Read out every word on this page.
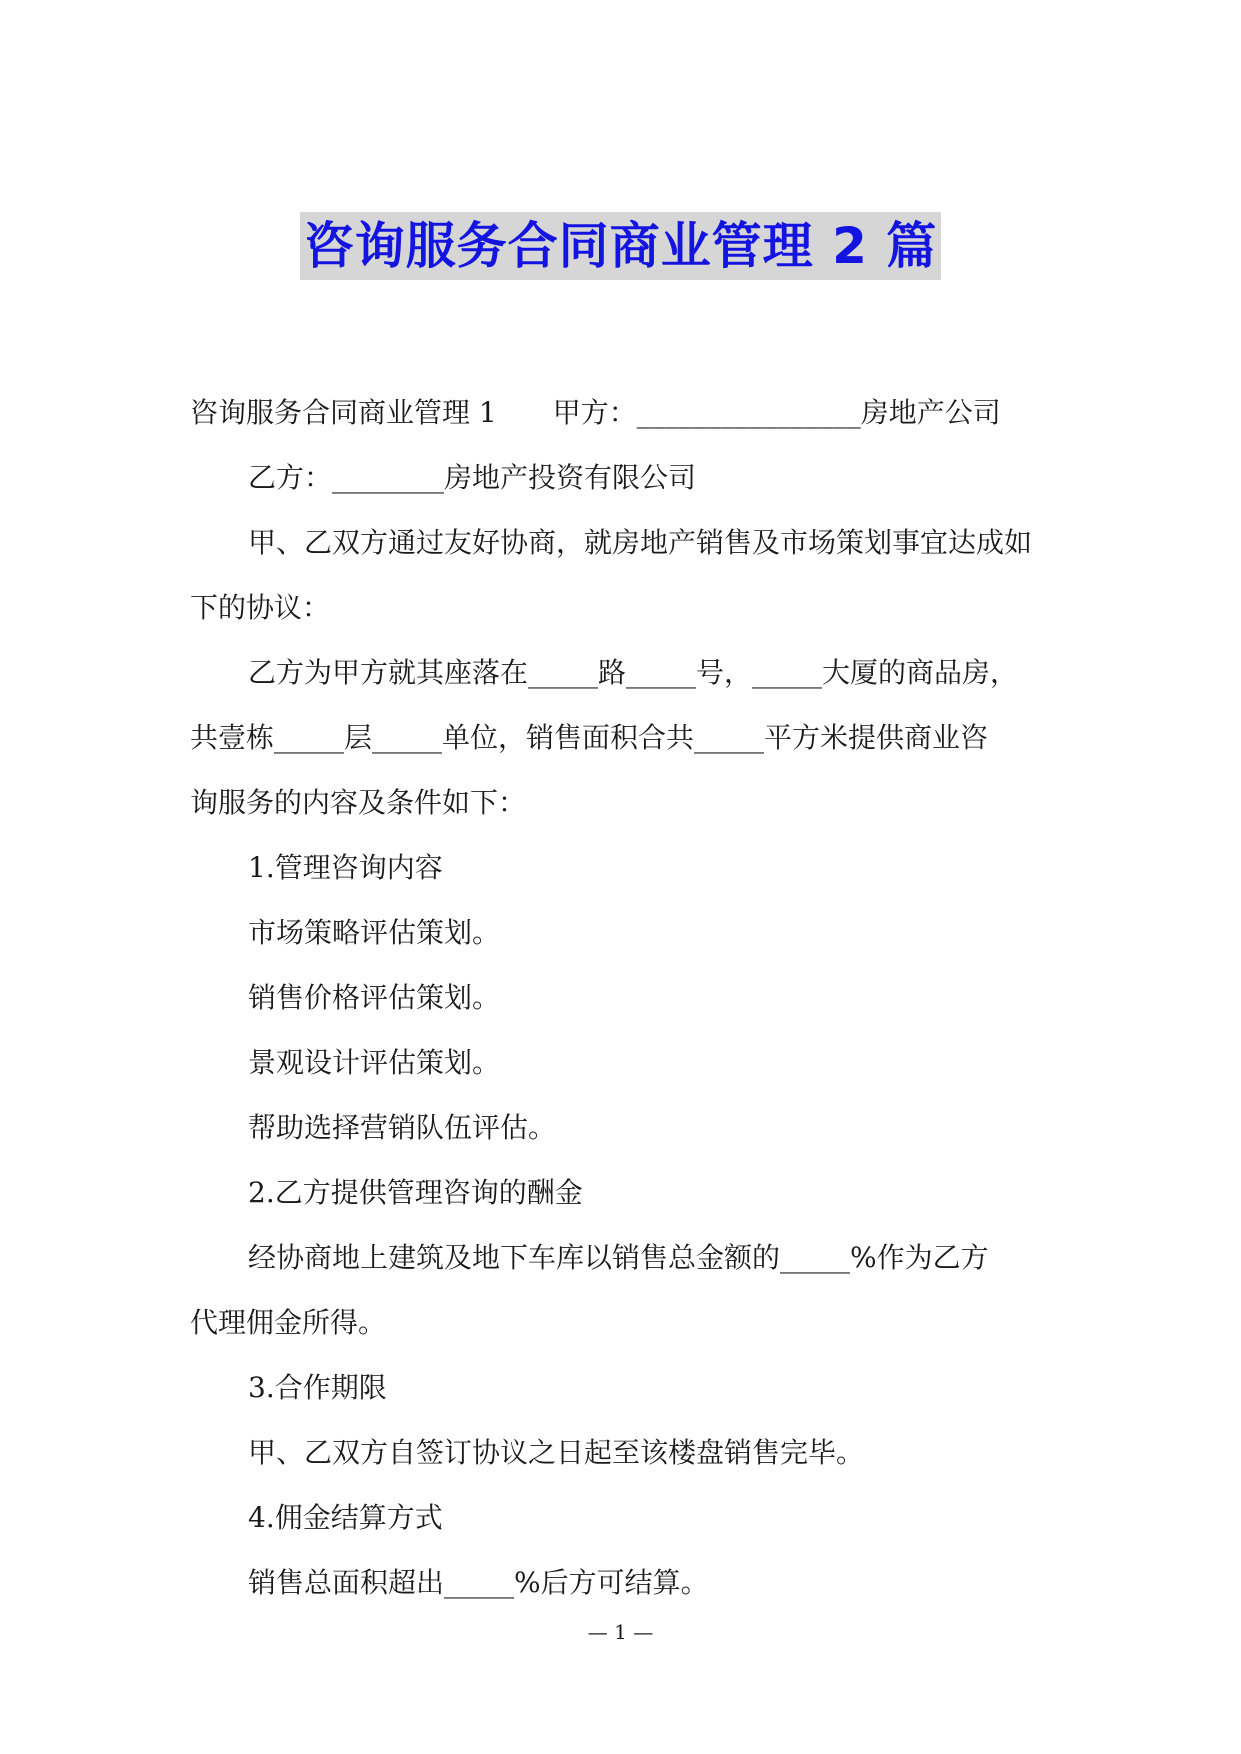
咨询服务合同商业管理 2 篇
咨询服务合同商业管理 1 甲方：________________房地产公司
乙方：________房地产投资有限公司
甲、乙双方通过友好协商，就房地产销售及市场策划事宜达成如
下的协议：
乙方为甲方就其座落在_____路_____号，_____大厦的商品房，
共壹栋_____层_____单位，销售面积合共_____平方米提供商业咨
询服务的内容及条件如下：
1.管理咨询内容
市场策略评估策划。
销售价格评估策划。
景观设计评估策划。
帮助选择营销队伍评估。
2.乙方提供管理咨询的酬金
经协商地上建筑及地下车库以销售总金额的_____%作为乙方
代理佣金所得。
3.合作期限
甲、乙双方自签订协议之日起至该楼盘销售完毕。
4.佣金结算方式
销售总面积超出_____%后方可结算。
— 1 —
